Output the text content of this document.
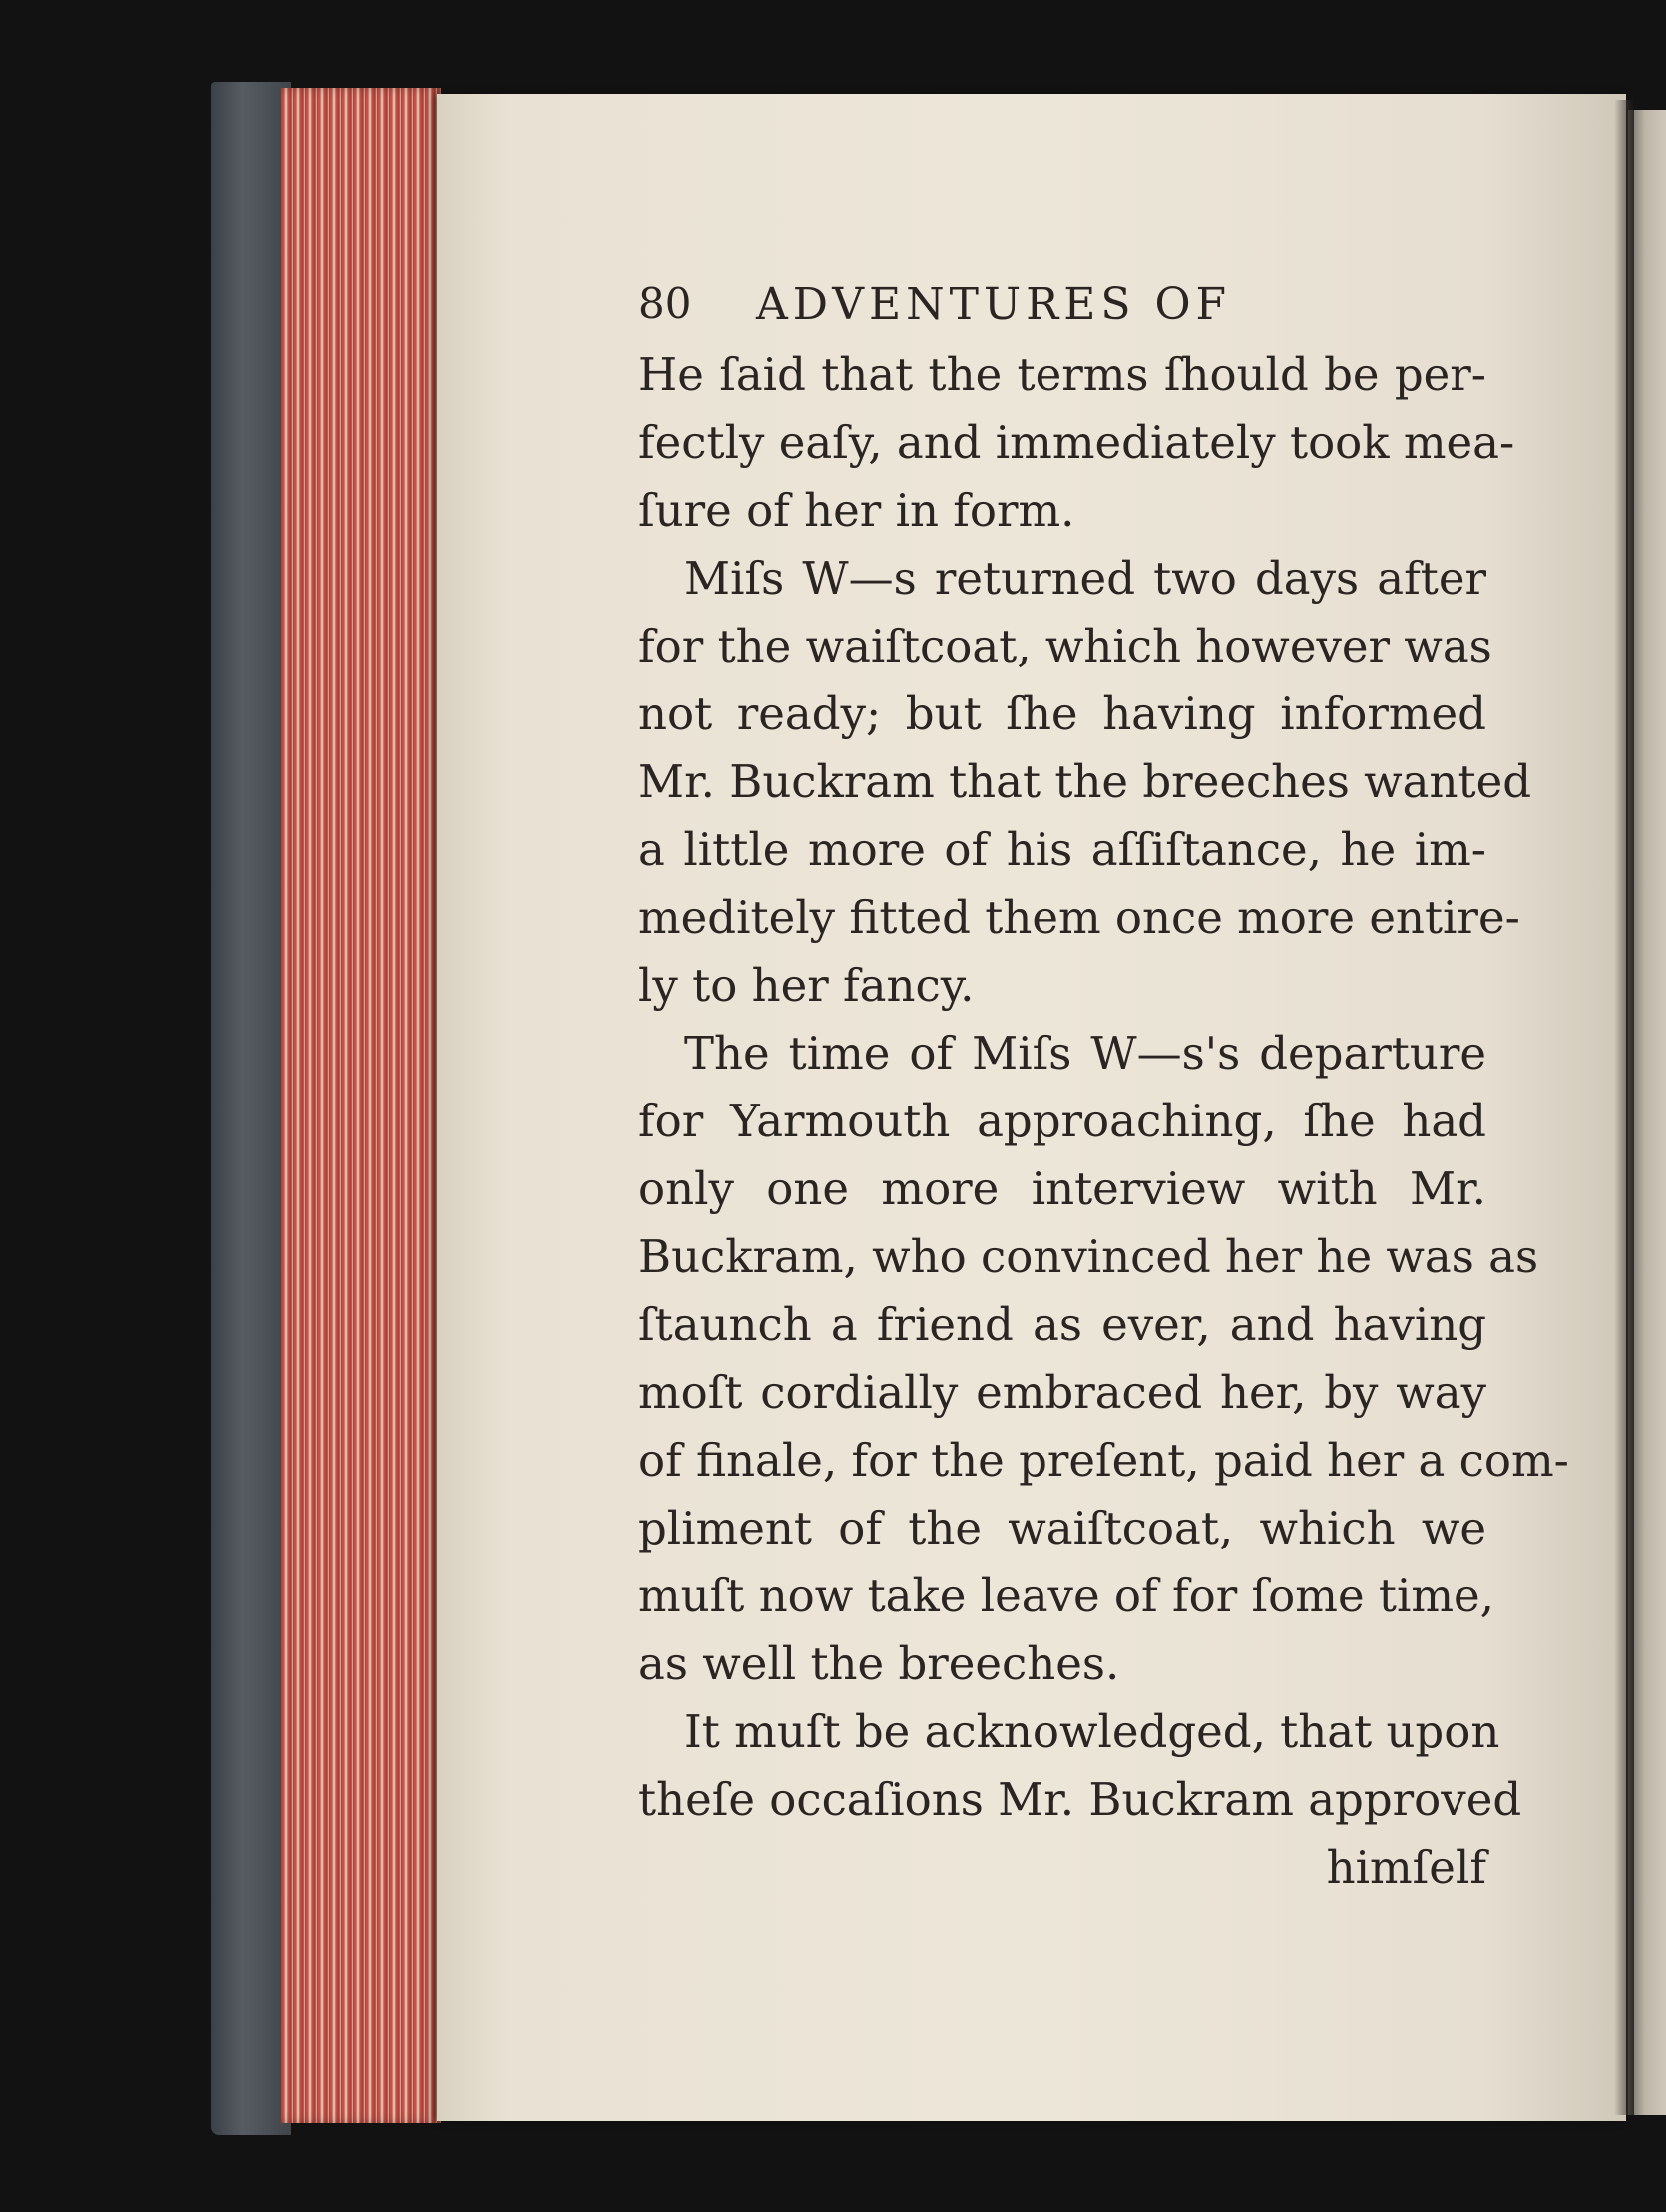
80 ADVENTURES OF
He ſaid that the terms ſhould be per-
fectly eaſy, and immediately took mea-
ſure of her in form.
Miſs W—s returned two days after
for the waiſtcoat, which however was
not ready; but ſhe having informed
Mr. Buckram that the breeches wanted
a little more of his aſſiſtance, he im-
meditely fitted them once more entire-
ly to her fancy.
The time of Miſs W—s's departure
for Yarmouth approaching, ſhe had
only one more interview with Mr.
Buckram, who convinced her he was as
ſtaunch a friend as ever, and having
moſt cordially embraced her, by way
of finale, for the preſent, paid her a com-
pliment of the waiſtcoat, which we
muſt now take leave of for ſome time,
as well the breeches.
It muſt be acknowledged, that upon
theſe occaſions Mr. Buckram approved
himſelf
